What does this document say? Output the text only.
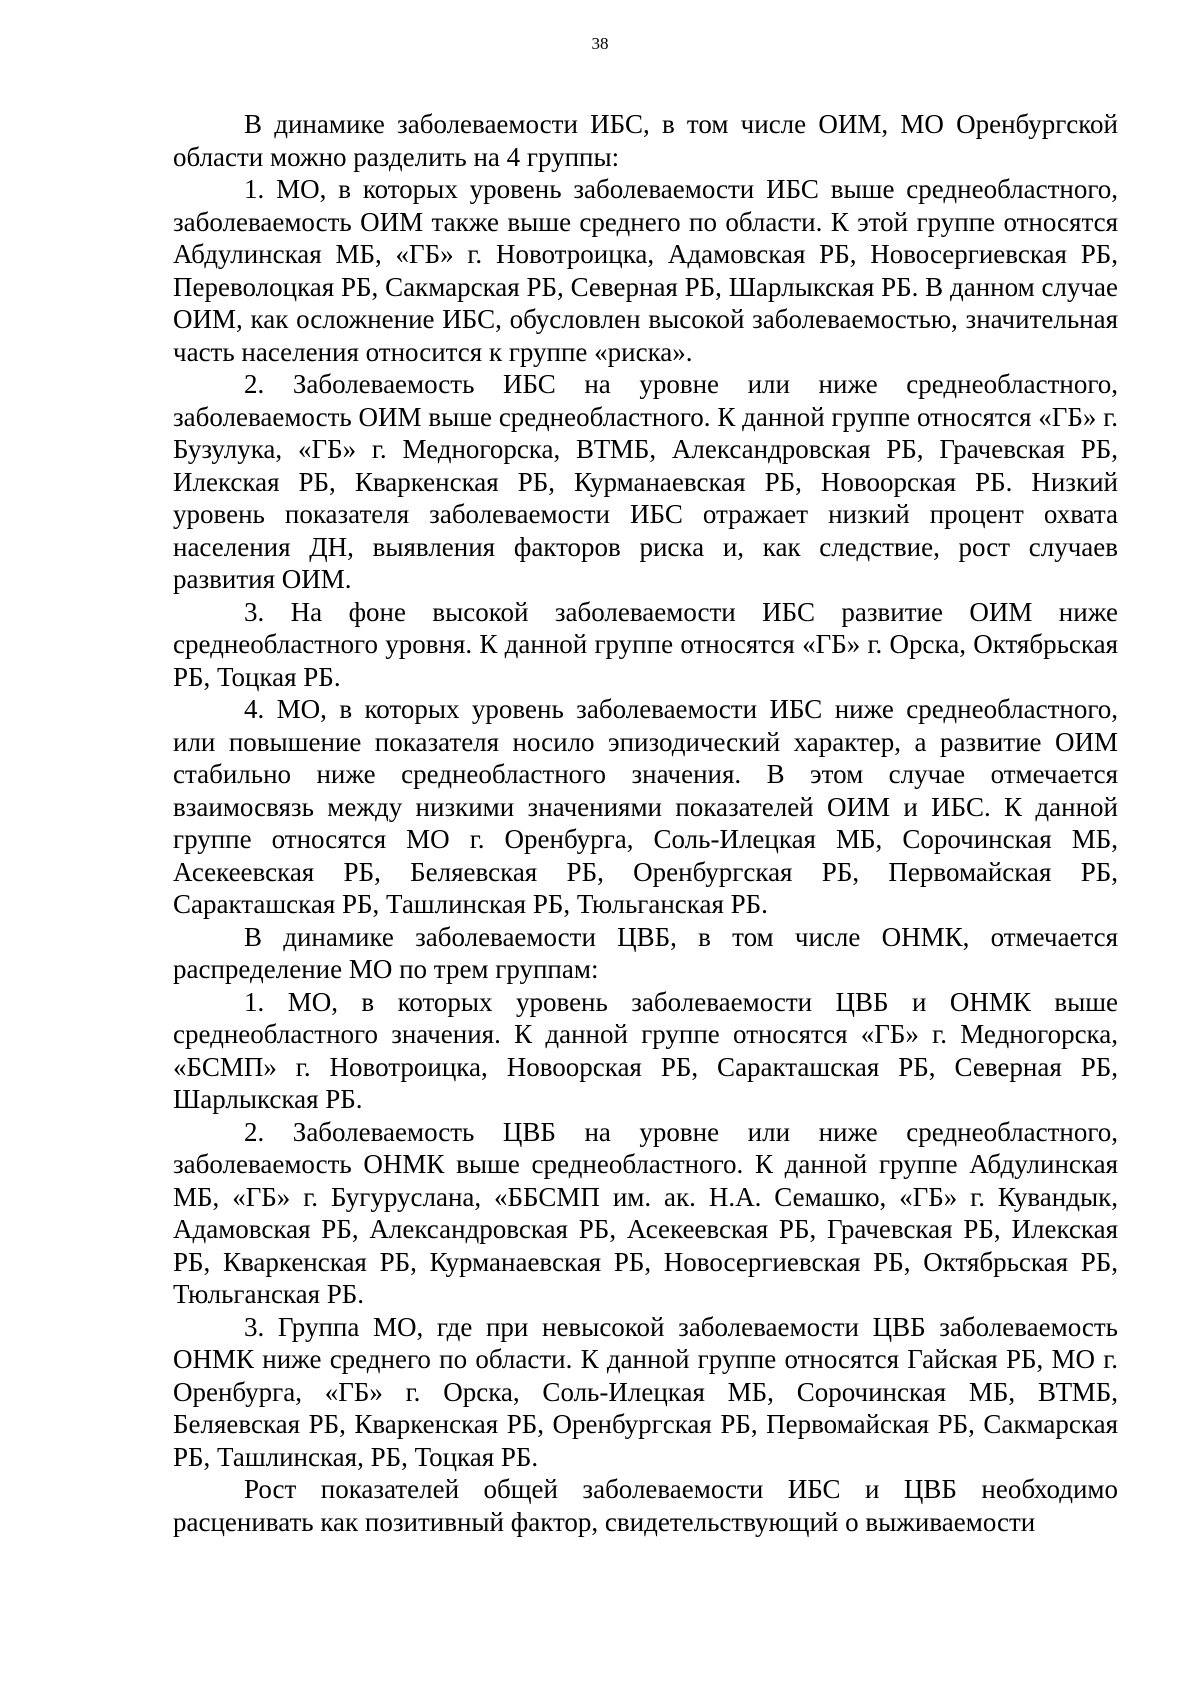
38

В динамике заболеваемости ИБС, в том числе ОИМ, МО Оренбургской области можно разделить на 4 группы:

1. МО, в которых уровень заболеваемости ИБС выше среднеобластного, заболеваемость ОИМ также выше среднего по области. К этой группе относятся Абдулинская МБ, «ГБ» г. Новотроицка, Адамовская РБ, Новосергиевская РБ, Переволоцкая РБ, Сакмарская РБ, Северная РБ, Шарлыкская РБ. В данном случае ОИМ, как осложнение ИБС, обусловлен высокой заболеваемостью, значительная часть населения относится к группе «риска».

2. Заболеваемость ИБС на уровне или ниже среднеобластного, заболеваемость ОИМ выше среднеобластного. К данной группе относятся «ГБ» г. Бузулука, «ГБ» г. Медногорска, ВТМБ, Александровская РБ, Грачевская РБ, Илекская РБ, Кваркенская РБ, Курманаевская РБ, Новоорская РБ. Низкий уровень показателя заболеваемости ИБС отражает низкий процент охвата населения ДН, выявления факторов риска и, как следствие, рост случаев развития ОИМ.

3. На фоне высокой заболеваемости ИБС развитие ОИМ ниже среднеобластного уровня. К данной группе относятся «ГБ» г. Орска, Октябрьская РБ, Тоцкая РБ.

4. МО, в которых уровень заболеваемости ИБС ниже среднеобластного, или повышение показателя носило эпизодический характер, а развитие ОИМ стабильно ниже среднеобластного значения. В этом случае отмечается взаимосвязь между низкими значениями показателей ОИМ и ИБС. К данной группе относятся МО г. Оренбурга, Соль-Илецкая МБ, Сорочинская МБ, Асекеевская РБ, Беляевская РБ, Оренбургская РБ, Первомайская РБ, Саракташская РБ, Ташлинская РБ, Тюльганская РБ.

В динамике заболеваемости ЦВБ, в том числе ОНМК, отмечается распределение МО по трем группам:

1. МО, в которых уровень заболеваемости ЦВБ и ОНМК выше среднеобластного значения. К данной группе относятся «ГБ» г. Медногорска, «БСМП» г. Новотроицка, Новоорская РБ, Саракташская РБ, Северная РБ, Шарлыкская РБ.

2. Заболеваемость ЦВБ на уровне или ниже среднеобластного, заболеваемость ОНМК выше среднеобластного. К данной группе Абдулинская МБ, «ГБ» г. Бугуруслана, «ББСМП им. ак. Н.А. Семашко, «ГБ» г. Кувандык, Адамовская РБ, Александровская РБ, Асекеевская РБ, Грачевская РБ, Илекская РБ, Кваркенская РБ, Курманаевская РБ, Новосергиевская РБ, Октябрьская РБ, Тюльганская РБ.

3. Группа МО, где при невысокой заболеваемости ЦВБ заболеваемость ОНМК ниже среднего по области. К данной группе относятся Гайская РБ, МО г. Оренбурга, «ГБ» г. Орска, Соль-Илецкая МБ, Сорочинская МБ, ВТМБ, Беляевская РБ, Кваркенская РБ, Оренбургская РБ, Первомайская РБ, Сакмарская РБ, Ташлинская, РБ, Тоцкая РБ.

Рост показателей общей заболеваемости ИБС и ЦВБ необходимо расценивать как позитивный фактор, свидетельствующий о выживаемости
